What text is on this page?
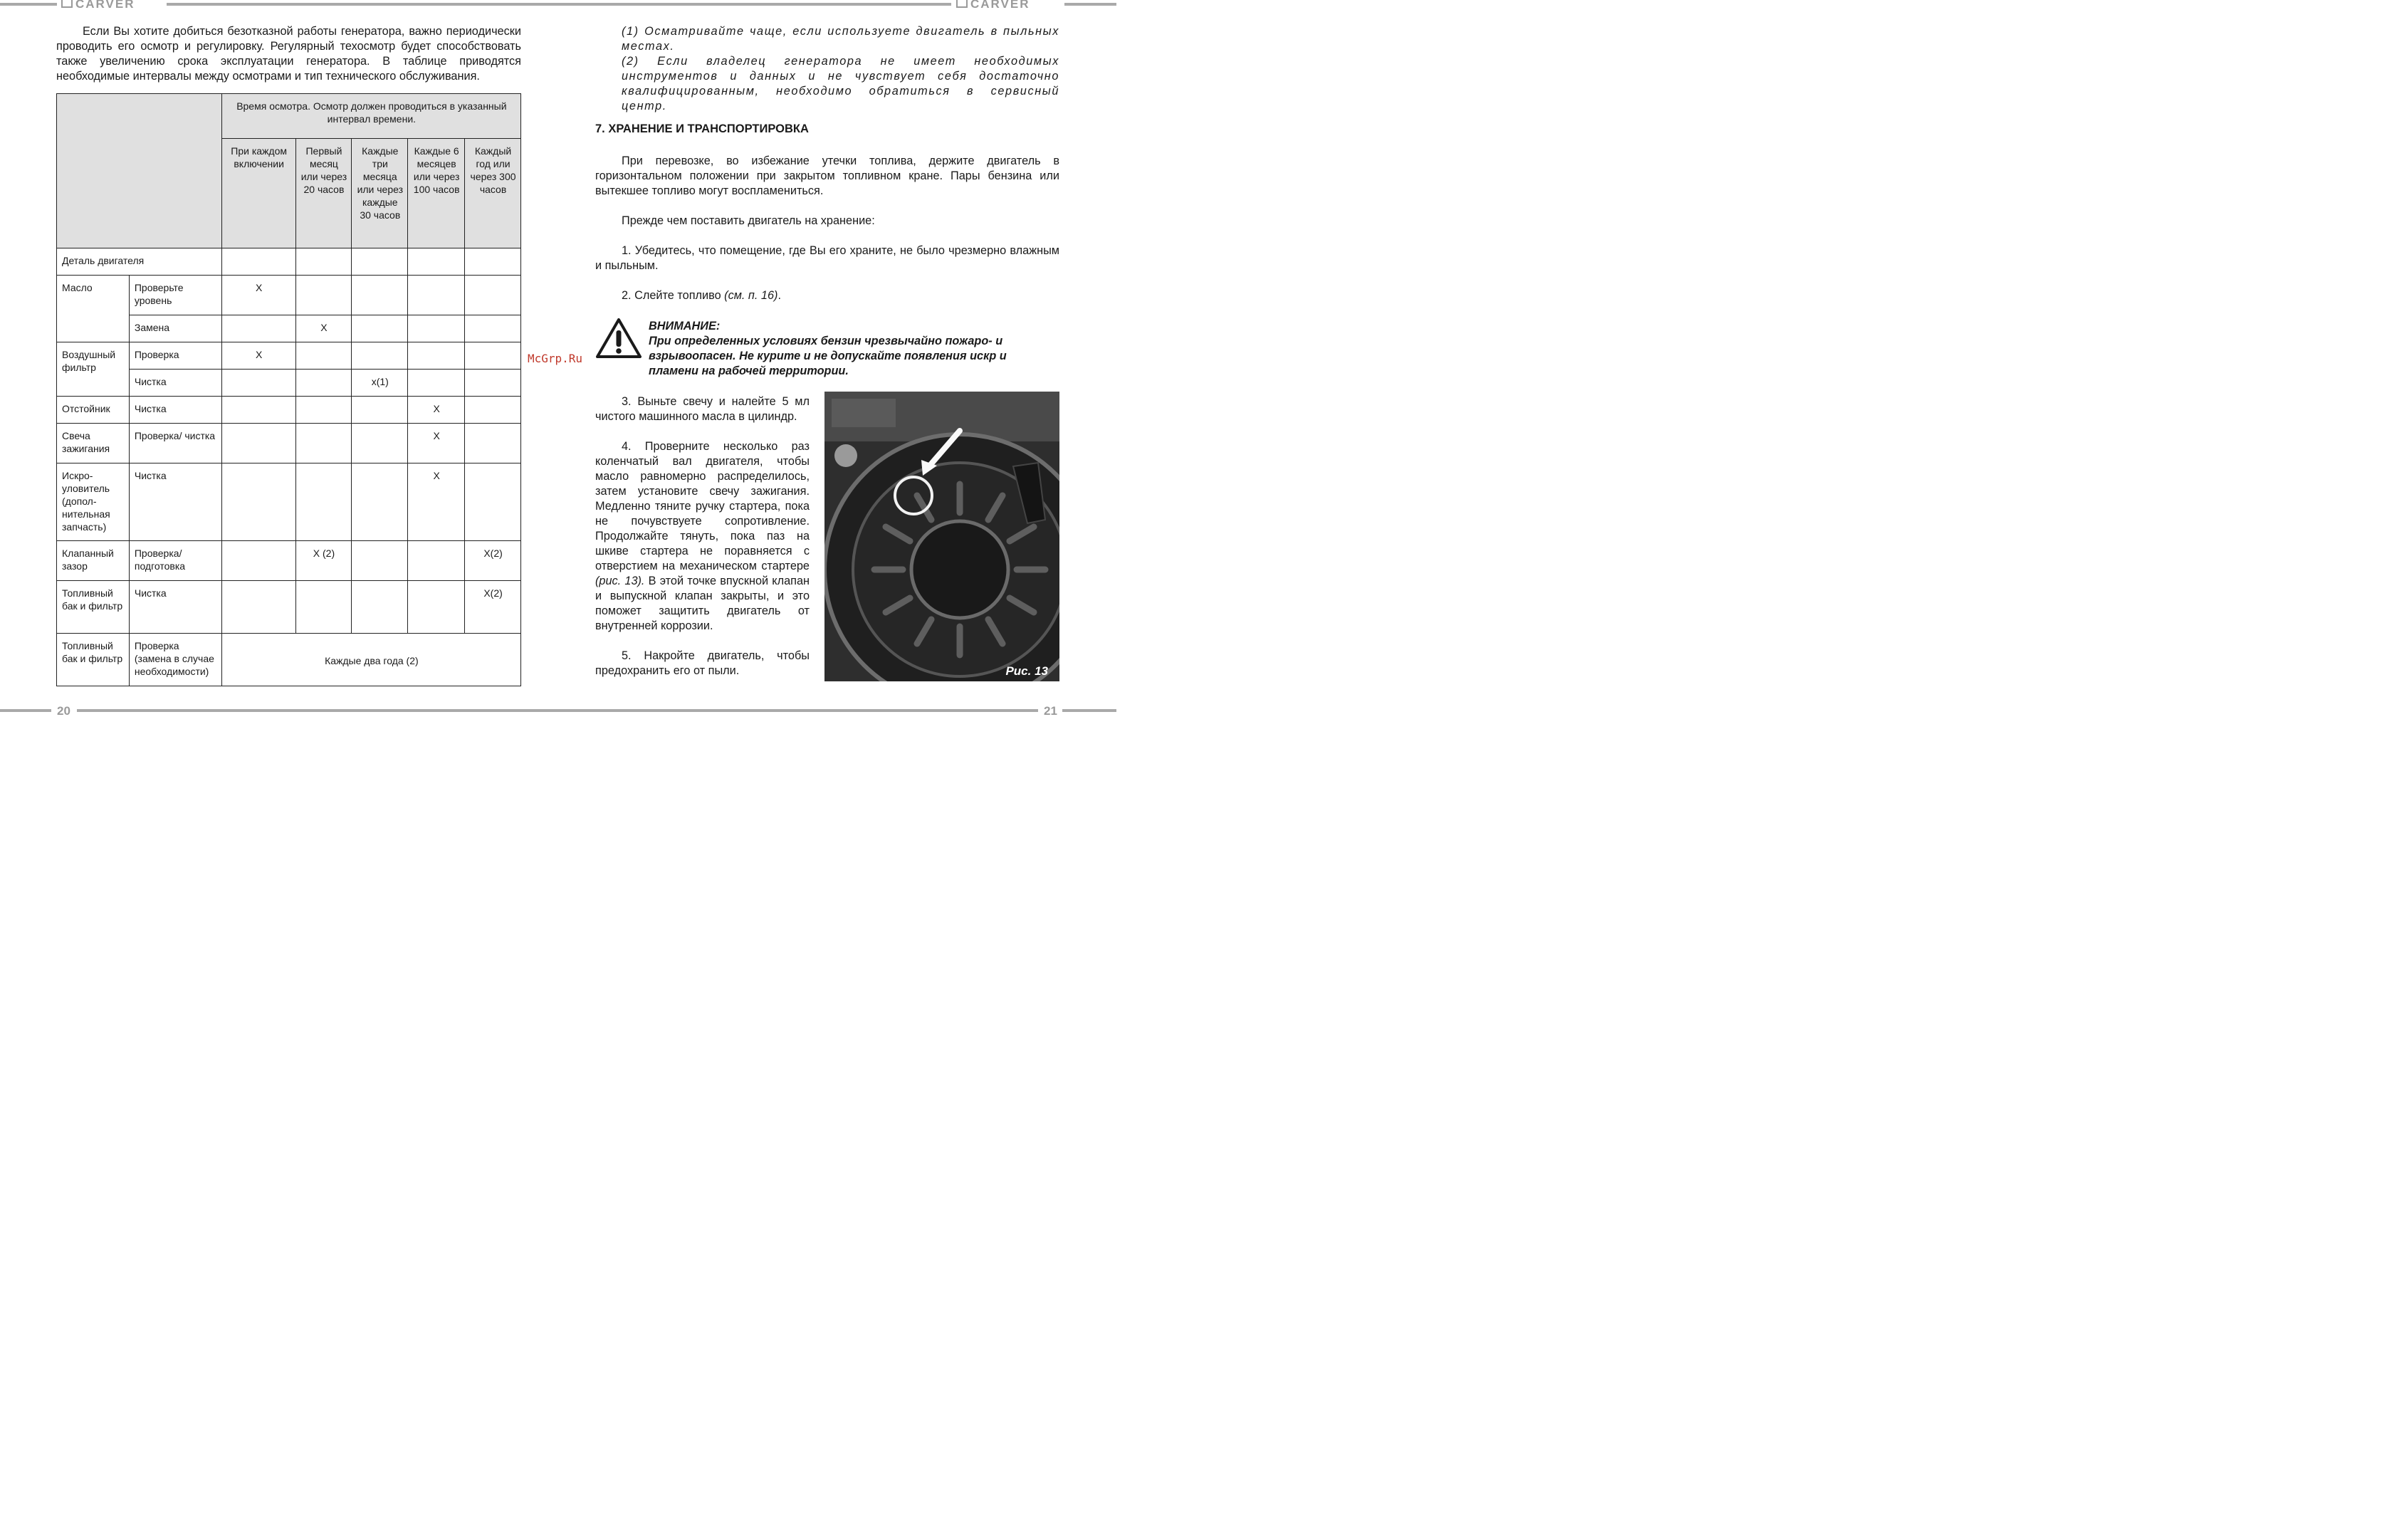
CARVER	CARVER
20	21

Если Вы хотите добиться безотказной работы генератора, важно периодически проводить его осмотр и регулировку. Регулярный техосмотр будет способствовать также увеличению срока эксплуатации генератора. В таблице приводятся необходимые интервалы между осмотрами и тип технического обслуживания.

		Время осмотра. Осмотр должен проводиться в указанный интервал времени.				
		При каждом включении	Первый месяц или через 20 часов	Каждые три месяца или через каждые 30 часов	Каждые 6 месяцев или через 100 часов	Каждый год или через 300 часов
Деталь двигателя						
Масло	Проверьте уровень	X				
	Замена		X			
Воздушный фильтр	Проверка	X				
	Чистка			x(1)		
Отстойник	Чистка				X	
Свеча зажигания	Проверка/ чистка				X	
Искро- уловитель (допол- нительная запчасть)	Чистка				X	
Клапанный зазор	Проверка/ подготовка		X (2)			X(2)
Топливный бак и фильтр	Чистка					X(2)
Топливный бак и фильтр	Проверка (замена в случае необходимости)	Каждые два года (2)				
(1) Осматривайте чаще, если используете двигатель в пыльных местах.
(2) Если владелец генератора не имеет необходимых инструментов и данных и не чувствует себя достаточно квалифицированным, необходимо обратиться в сервисный центр.
7. ХРАНЕНИЕ И ТРАНСПОРТИРОВКА

При перевозке, во избежание утечки топлива, держите двигатель в горизонтальном положении при закрытом топливном кране. Пары бензина или вытекшее топливо могут воспламениться.

Прежде чем поставить двигатель на хранение:

1. Убедитесь, что помещение, где Вы его храните, не было чрезмерно влажным и пыльным.

2. Слейте топливо (см. п. 16).

McGrp.Ru
ВНИМАНИЕ:
При определенных условиях бензин чрезвычайно пожаро- и взрывоопасен. Не курите и не допускайте появления искр и пламени на рабочей территории.

3. Выньте свечу и налейте 5 мл чистого машинного масла в цилиндр.

4. Проверните несколько раз коленчатый вал двигателя, чтобы масло равномерно распределилось, затем установите свечу зажигания. Медленно тяните ручку стартера, пока не почувствуете сопротивление. Продолжайте тянуть, пока паз на шкиве стартера не поравняется с отверстием на механическом стартере (рис. 13). В этой точке впускной клапан и выпускной клапан закрыты, и это поможет защитить двигатель от внутренней коррозии.

5. Накройте двигатель, чтобы предохранить его от пыли.	Рис. 13
